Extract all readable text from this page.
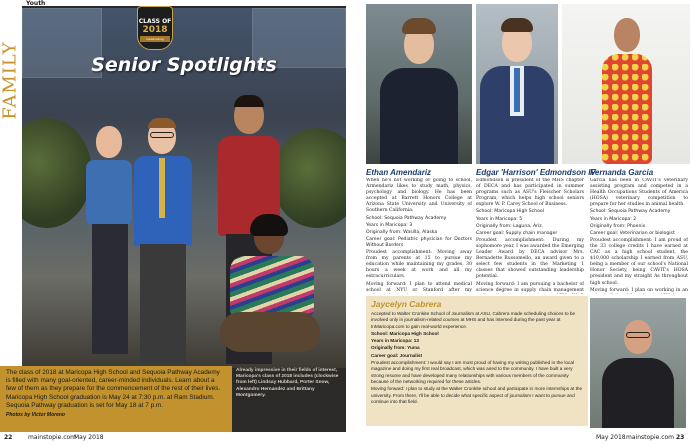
FAMILY
Youth
CLASS OF
2018
Celebrating
Senior Spotlights
The class of 2018 at Maricopa High School and Sequoia Pathway Academy is filled with many goal-oriented, career-minded individuals. Learn about a few of them as they prepare for the commencement of the rest of their lives. Maricopa High School graduation is May 24 at 7:30 p.m. at Ram Stadium. Sequoia Pathway graduation is set for May 18 at 7 p.m.
Photos by Victor Moreno
Already impressive in their fields of interest, Maricopa's class of 2018 includes (clockwise from left) Lindsay Hubbard, Porter Snow, Alexandro Hernandez and Brittany Montgomery.
22	mainstopie.com
May 2018
Ethan Amendariz	Edgar 'Harrison' Edmondson IV
Fernanda Garcia

When he's not working or going to school, Armendariz likes to study math, physics, psychology and biology. He has been accepted at Barrett Honors College at Arizona State University and University of Southern California.

School: Sequoia Pathway Academy

Years in Maricopa: 3

Originally from: Wasilla, Alaska

Career goal: Pediatric physician for Doctors Without Borders

Proudest accomplishment: Moving away from my parents at 15 to pursue my education while maintaining my grades, 30 hours a week at work and all my extracurriculars.

Moving forward: I plan to attend medical school at NYU or Stanford after my

Edmondson is president of the MHS chapter of DECA and has participated in summer programs such as ASU's Fleischer Scholars Program, which helps high school seniors explore W. P. Carey School of Business.

School: Maricopa High School

Years in Maricopa: 5

Originally from: Laguna, Ariz.

Career goal: Supply chain manager

Proudest accomplishment: During my sophomore year, I was awarded the Emerging Leader Award by DECA advisor Mrs. Bernadette Russomello, an award given to a select few students in the Marketing 1 classes that showed outstanding leadership potential.

Moving forward: I am pursuing a bachelor of science degree in supply chain management

Garcia has been in CAVIT's veterinary assisting program and competed in a Health Occupations Students of America (HOSA) veterinary competition to prepare for her studies in animal health.

School: Sequoia Pathway Academy

Years in Maricopa: 2

Originally from: Phoenix

Career goal: Veterinarian or biologist

Proudest accomplishment: I am proud of the 33 college credits I have earned at CAC as a high school student, the $10,000 scholarship I earned from ASU, being a member of our school's National Honor Society, being CAVIT's HOSA president and my straight As throughout high school.

Moving forward: I plan on working in an

Jaycelyn Cabrera

Accepted to Walter Cronkite School of Journalism at ASU, Cabrera made scheduling choices to be involved only in journalism-related courses at MHS and has interned during the past year at InMaricopa.com to gain real-world experience.

School: Maricopa High School

Years in Maricopa: 13

Originally from: Yuma

Career goal: Journalist

Proudest accomplishment: I would say I am most proud of having my writing published in the local magazine and doing my first real broadcast, which was aired to the community. I have built a very strong resume and have developed many relationships with various members of the community because of the networking required for these articles.

Moving forward: I plan to study at the Walter Cronkite school and participate in more internships at the university. From there, I'll be able to decide what specific aspect of journalism I want to pursue and continue into that field.

May 2018 mainstopie.com 23
